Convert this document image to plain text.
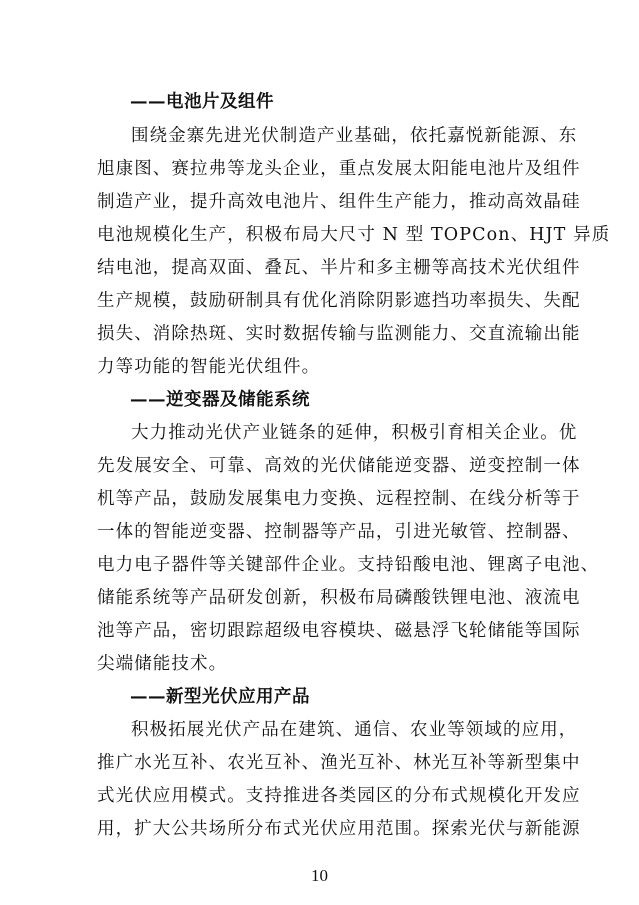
——电池片及组件
围绕金寨先进光伏制造产业基础，依托嘉悦新能源、东
旭康图、赛拉弗等龙头企业，重点发展太阳能电池片及组件
制造产业，提升高效电池片、组件生产能力，推动高效晶硅
电池规模化生产，积极布局大尺寸 N 型 TOPCon、HJT 异质
结电池，提高双面、叠瓦、半片和多主栅等高技术光伏组件
生产规模，鼓励研制具有优化消除阴影遮挡功率损失、失配
损失、消除热斑、实时数据传输与监测能力、交直流输出能
力等功能的智能光伏组件。
——逆变器及储能系统
大力推动光伏产业链条的延伸，积极引育相关企业。优
先发展安全、可靠、高效的光伏储能逆变器、逆变控制一体
机等产品，鼓励发展集电力变换、远程控制、在线分析等于
一体的智能逆变器、控制器等产品，引进光敏管、控制器、
电力电子器件等关键部件企业。支持铅酸电池、锂离子电池、
储能系统等产品研发创新，积极布局磷酸铁锂电池、液流电
池等产品，密切跟踪超级电容模块、磁悬浮飞轮储能等国际
尖端储能技术。
——新型光伏应用产品
积极拓展光伏产品在建筑、通信、农业等领域的应用，
推广水光互补、农光互补、渔光互补、林光互补等新型集中
式光伏应用模式。支持推进各类园区的分布式规模化开发应
用，扩大公共场所分布式光伏应用范围。探索光伏与新能源
10
